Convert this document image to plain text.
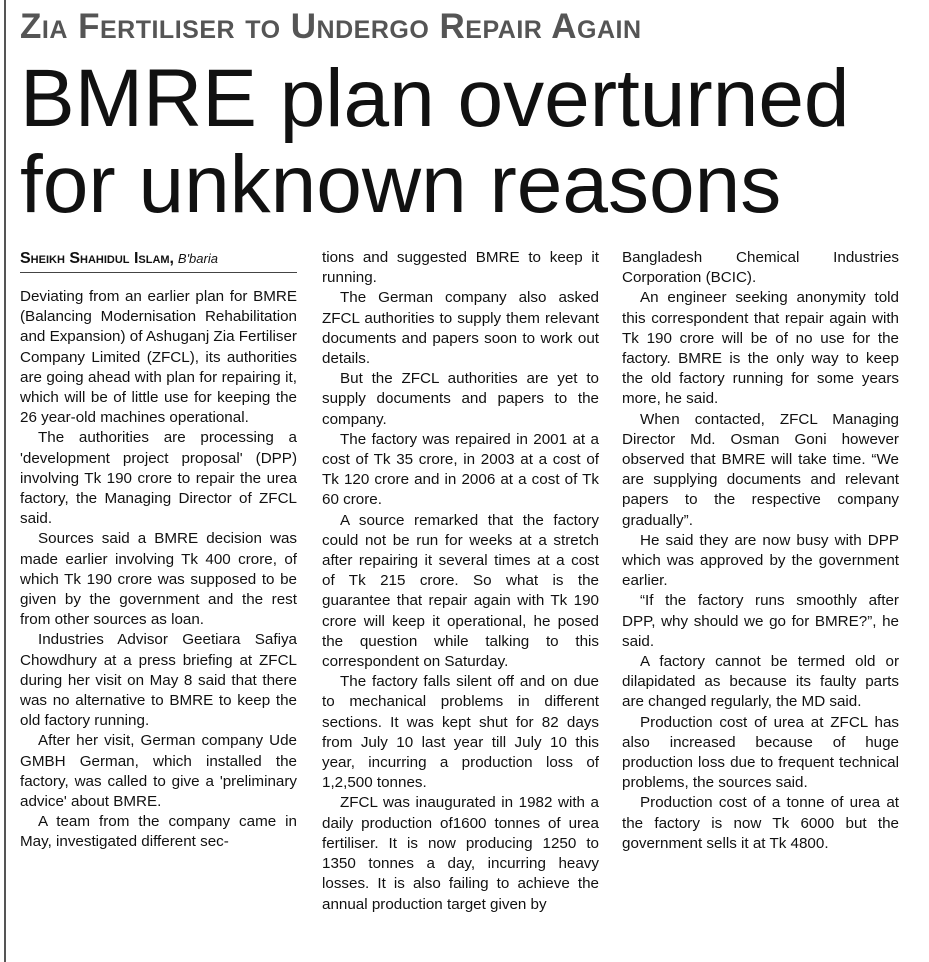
Zia Fertiliser to Undergo Repair Again
BMRE plan overturned for unknown reasons
Sheikh Shahidul Islam, B'baria

Deviating from an earlier plan for BMRE (Balancing Modernisation Rehabilitation and Expansion) of Ashuganj Zia Fertiliser Company Limited (ZFCL), its authorities are going ahead with plan for repairing it, which will be of little use for keeping the 26 year-old machines operational.

The authorities are processing a 'development project proposal' (DPP) involving Tk 190 crore to repair the urea factory, the Managing Director of ZFCL said.

Sources said a BMRE decision was made earlier involving Tk 400 crore, of which Tk 190 crore was supposed to be given by the government and the rest from other sources as loan.

Industries Advisor Geetiara Safiya Chowdhury at a press briefing at ZFCL during her visit on May 8 said that there was no alternative to BMRE to keep the old factory running.

After her visit, German company Ude GMBH German, which installed the factory, was called to give a 'preliminary advice' about BMRE.

A team from the company came in May, investigated different sec-

tions and suggested BMRE to keep it running.

The German company also asked ZFCL authorities to supply them relevant documents and papers soon to work out details.

But the ZFCL authorities are yet to supply documents and papers to the company.

The factory was repaired in 2001 at a cost of Tk 35 crore, in 2003 at a cost of Tk 120 crore and in 2006 at a cost of Tk 60 crore.

A source remarked that the factory could not be run for weeks at a stretch after repairing it several times at a cost of Tk 215 crore. So what is the guarantee that repair again with Tk 190 crore will keep it operational, he posed the question while talking to this correspondent on Saturday.

The factory falls silent off and on due to mechanical problems in different sections. It was kept shut for 82 days from July 10 last year till July 10 this year, incurring a production loss of 1,2,500 tonnes.

ZFCL was inaugurated in 1982 with a daily production of1600 tonnes of urea fertiliser. It is now producing 1250 to 1350 tonnes a day, incurring heavy losses. It is also failing to achieve the annual production target given by

Bangladesh Chemical Industries Corporation (BCIC).

An engineer seeking anonymity told this correspondent that repair again with Tk 190 crore will be of no use for the factory. BMRE is the only way to keep the old factory running for some years more, he said.

When contacted, ZFCL Managing Director Md. Osman Goni however observed that BMRE will take time. “We are supplying documents and relevant papers to the respective company gradually”.

He said they are now busy with DPP which was approved by the government earlier.

“If the factory runs smoothly after DPP, why should we go for BMRE?”, he said.

A factory cannot be termed old or dilapidated as because its faulty parts are changed regularly, the MD said.

Production cost of urea at ZFCL has also increased because of huge production loss due to frequent technical problems, the sources said.

Production cost of a tonne of urea at the factory is now Tk 6000 but the government sells it at Tk 4800.
